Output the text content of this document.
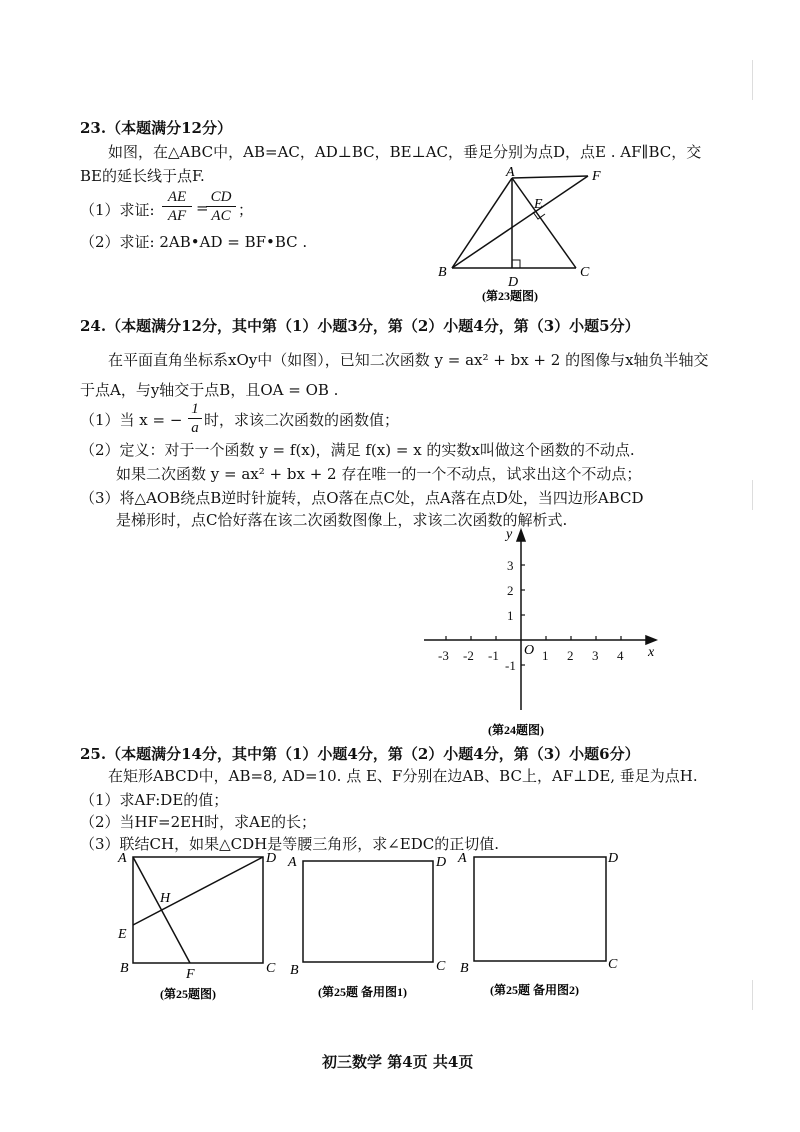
23.（本题满分12分）
如图，在△ABC中，AB=AC，AD⊥BC，BE⊥AC，垂足分别为点D，点E . AF∥BC，交
BE的延长线于点F.
（1）求证: $\frac{AE}{AF}$ =
$\frac{CD}{AC}$ ；
（2）求证: 2AB•AD = BF•BC .
A	F
E
B
D
C
(第23题图)
24.（本题满分12分，其中第（1）小题3分，第（2）小题4分，第（3）小题5分）
在平面直角坐标系xOy中（如图），已知二次函数 y = ax² + bx + 2 的图像与x轴负半轴交
于点A，与y轴交于点B，且OA = OB .
（1）当 x = − $\frac{1}{a}$ 时，求该二次函数的函数值；
（2）定义：对于一个函数 y = f(x)，满足 f(x) = x 的实数x叫做这个函数的不动点.
如果二次函数 y = ax² + bx + 2 存在唯一的一个不动点，试求出这个不动点；
（3）将△AOB绕点B逆时针旋转，点O落在点C处，点A落在点D处，当四边形ABCD
是梯形时，点C恰好落在该二次函数图像上，求该二次函数的解析式.
-3 -2 -1	1 2 3 4
3
2
1
-1
x
y
O
(第24题图)
25.（本题满分14分，其中第（1）小题4分，第（2）小题4分，第（3）小题6分）
在矩形ABCD中，AB=8, AD=10. 点 E、F分别在边AB、BC上，AF⊥DE, 垂足为点H.
（1）求AF:DE的值；
（2）当HF=2EH时，求AE的长；
（3）联结CH，如果△CDH是等腰三角形，求∠EDC的正切值.
A	D
H
E
B	F	C
(第25题图)
A	D
B	C
(第25题 备用图1)
A	D
B	C
(第25题 备用图2)
初三数学 第4页 共4页
